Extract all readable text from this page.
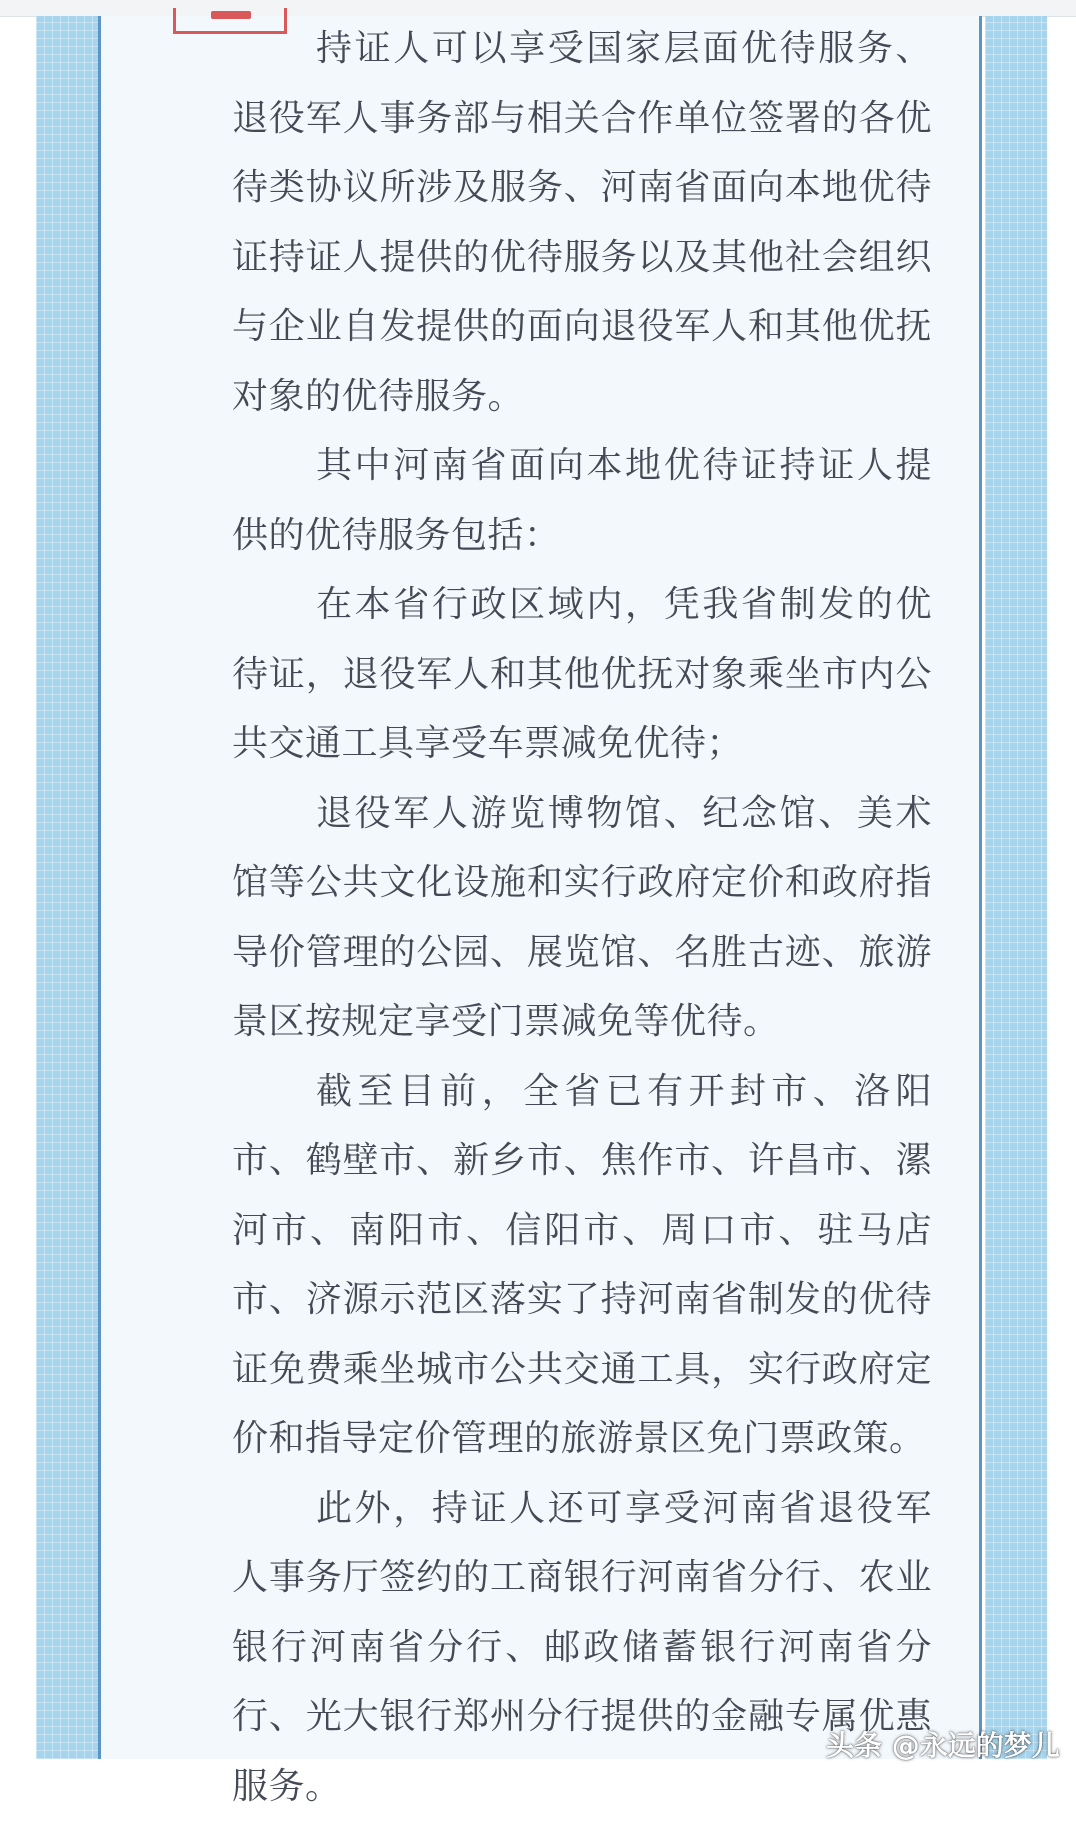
持证人可以享受国家层面优待服务、退役军人事务部与相关合作单位签署的各优待类协议所涉及服务、河南省面向本地优待证持证人提供的优待服务以及其他社会组织与企业自发提供的面向退役军人和其他优抚对象的优待服务。

其中河南省面向本地优待证持证人提供的优待服务包括：

在本省行政区域内，凭我省制发的优待证，退役军人和其他优抚对象乘坐市内公共交通工具享受车票减免优待；

退役军人游览博物馆、纪念馆、美术馆等公共文化设施和实行政府定价和政府指导价管理的公园、展览馆、名胜古迹、旅游景区按规定享受门票减免等优待。

截至目前，全省已有开封市、洛阳市、鹤壁市、新乡市、焦作市、许昌市、漯河市、南阳市、信阳市、周口市、驻马店市、济源示范区落实了持河南省制发的优待证免费乘坐城市公共交通工具，实行政府定价和指导定价管理的旅游景区免门票政策。

此外，持证人还可享受河南省退役军人事务厅签约的工商银行河南省分行、农业银行河南省分行、邮政储蓄银行河南省分行、光大银行郑州分行提供的金融专属优惠服务。

头条 @永远的梦儿
